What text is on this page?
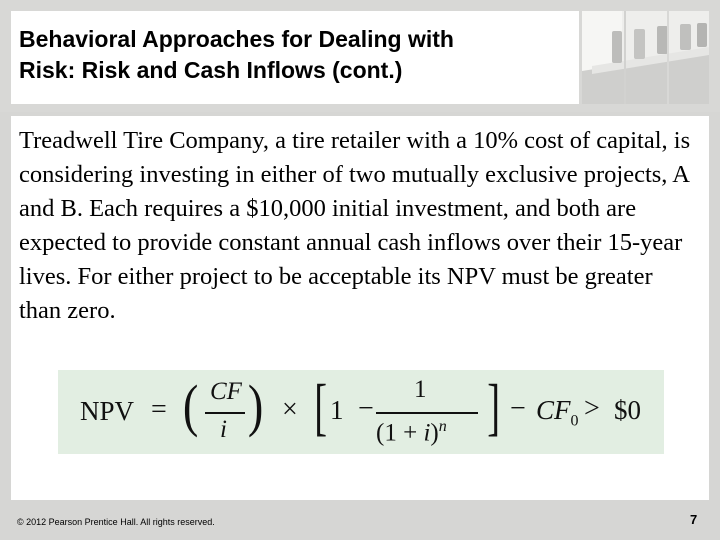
Behavioral Approaches for Dealing with
Risk: Risk and Cash Inflows (cont.)

Treadwell Tire Company, a tire retailer with a 10% cost of capital, is considering investing in either of two mutually exclusive projects, A and B. Each requires a $10,000 initial investment, and both are expected to provide constant annual cash inflows over their 15-year lives. For either project to be acceptable its NPV must be greater than zero.

NPV = ( CF
i ) × [ 1 −
1
$(1 + i)^n$ ] − $CF_0$ > $0

© 2012 Pearson Prentice Hall. All rights reserved.	7
